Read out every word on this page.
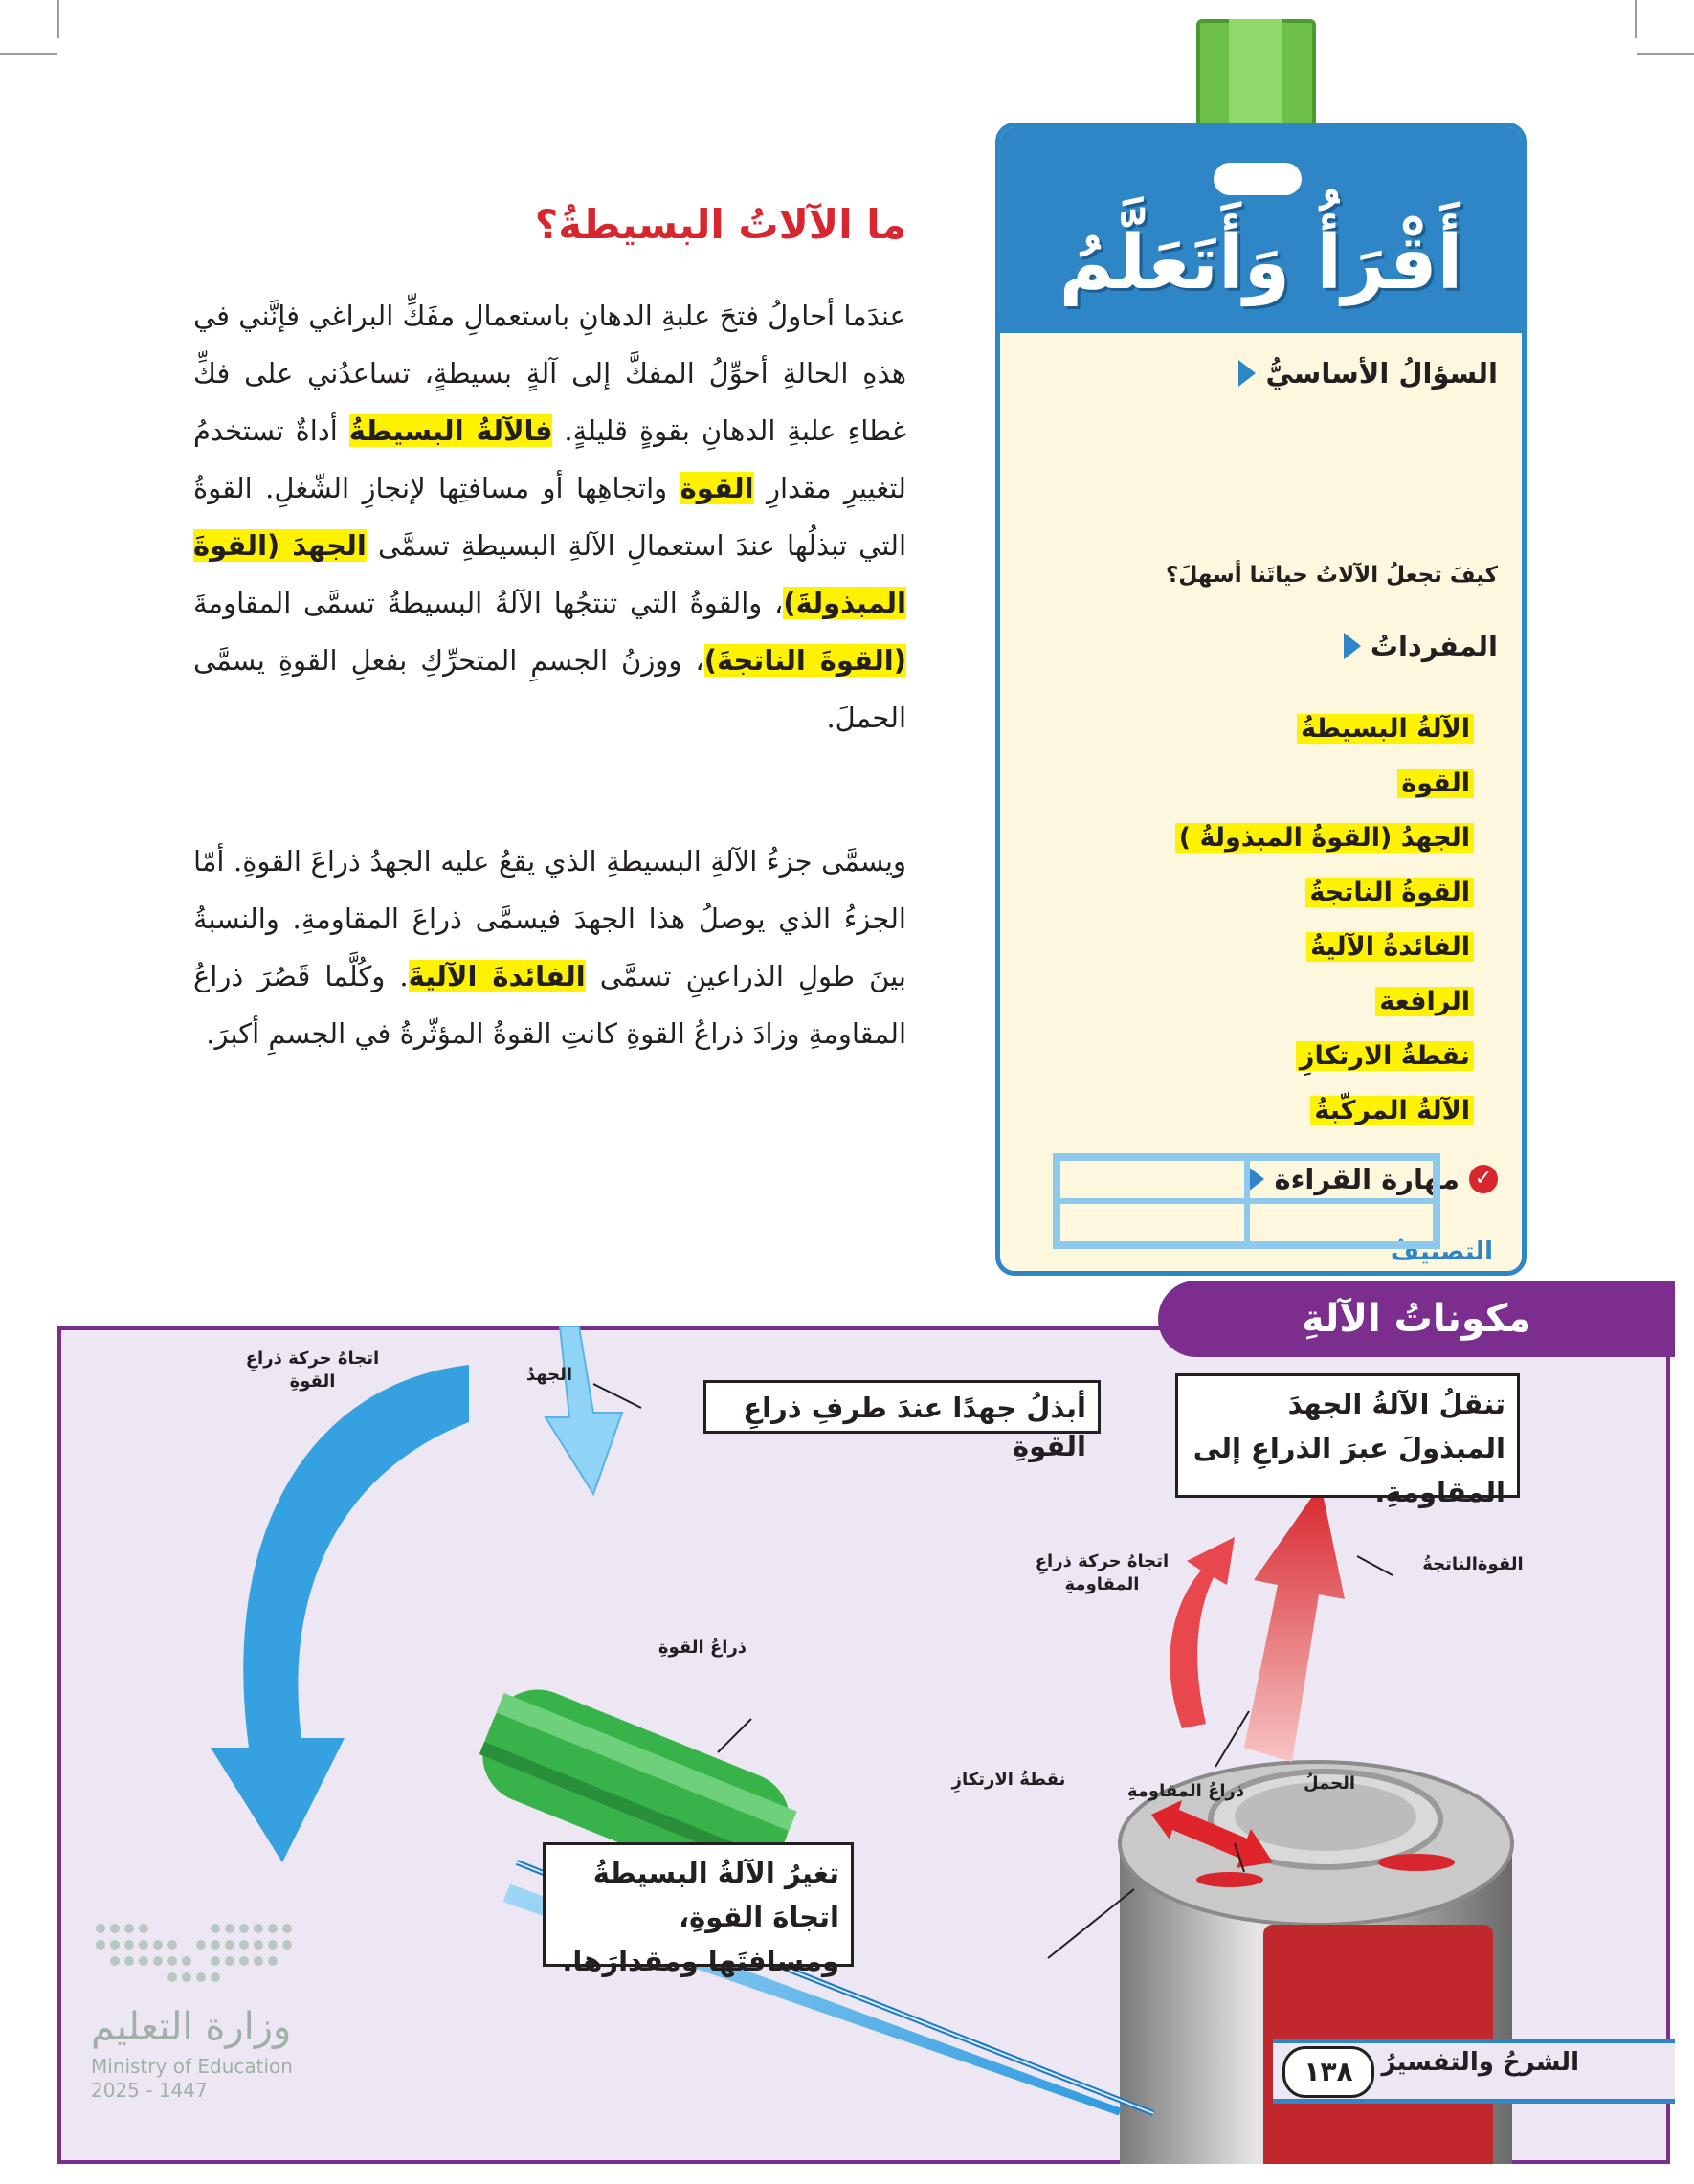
أَقْرَأُ وَأَتَعَلَّمُ
السؤالُ الأساسيُّ
كيفَ تجعلُ الآلاتُ حياتَنا أسهلَ؟
المفرداتُ
الآلةُ البسيطةُ
القوة
الجهدُ (القوةُ المبذولةُ )
القوةُ الناتجةُ
الفائدةُ الآليةُ
الرافعة
نقطةُ الارتكازِ
الآلةُ المركّبةُ
✓
مهارة القراءة
التصنيفُ
ما الآلاتُ البسيطةُ؟
عندَما أحاولُ فتحَ علبةِ الدهانِ باستعمالِ مفَكِّ البراغي فإنَّني في هذهِ الحالةِ أحوِّلُ المفكَّ إلى آلةٍ بسيطةٍ، تساعدُني على فكِّ غطاءِ علبةِ الدهانِ بقوةٍ قليلةٍ. فالآلةُ البسيطةُ أداةٌ تستخدمُ لتغييرِ مقدارِ القوة واتجاهِها أو مسافتِها لإنجازِ الشّغلِ. القوةُ التي تبذلُها عندَ استعمالِ الآلةِ البسيطةِ تسمَّى الجهدَ (القوةَ المبذولةَ)، والقوةُ التي تنتجُها الآلةُ البسيطةُ تسمَّى المقاومةَ (القوةَ الناتجةَ)، ووزنُ الجسمِ المتحرِّكِ بفعلِ القوةِ يسمَّى الحملَ.
ويسمَّى جزءُ الآلةِ البسيطةِ الذي يقعُ عليه الجهدُ ذراعَ القوةِ. أمّا الجزءُ الذي يوصلُ هذا الجهدَ فيسمَّى ذراعَ المقاومةِ. والنسبةُ بينَ طولِ الذراعينِ تسمَّى الفائدةَ الآليةَ. وكُلَّما قَصُرَ ذراعُ المقاومةِ وزادَ ذراعُ القوةِ كانتِ القوةُ المؤثّرةُ في الجسمِ أكبرَ.
اتجاهُ حركة ذراعِ القوةِ	الجهدُ
ذراعُ القوةِ
اتجاهُ حركة ذراعِ المقاومةِ
القوةالناتجةُ
الحملُ
نقطةُ الارتكازِ
ذراعُ المقاومةِ
مكوناتُ الآلةِ
تنقلُ الآلةُ الجهدَ المبذولَ عبرَ الذراعِ إلى المقاومةِ.
أبذلُ جهدًا عندَ طرفِ ذراعِ القوةِ
تغيرُ الآلةُ البسيطةُ اتجاهَ القوةِ، ومسافتَها ومقدارَها.
وزارة التعليم
Ministry of Education
2025 - 1447
الشرحُ والتفسيرُ
١٣٨
